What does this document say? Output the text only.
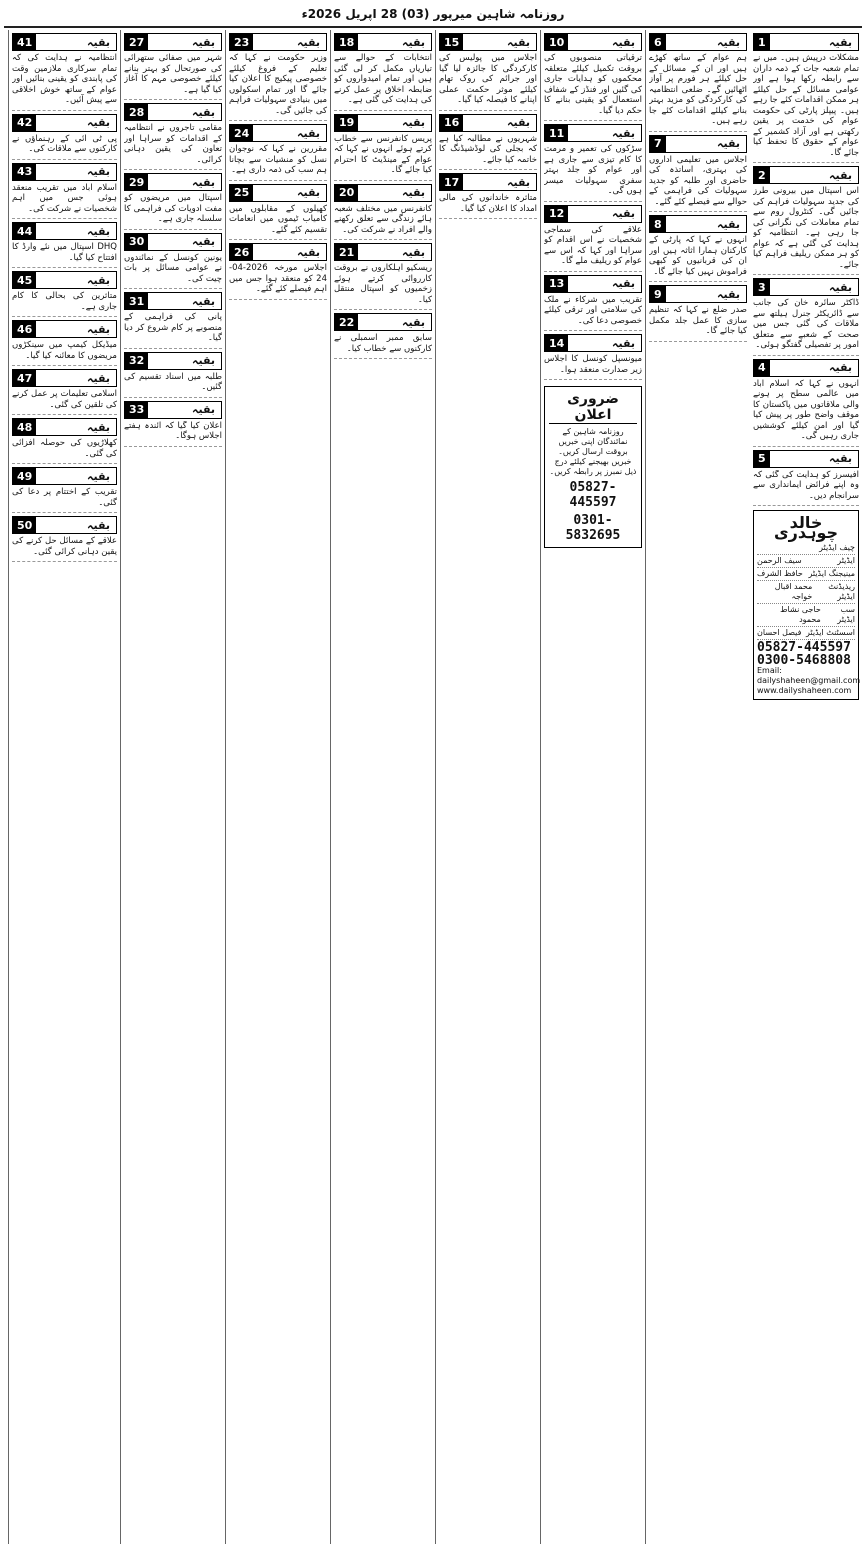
روزنامہ شاہین میرپور (03) 28 اپریل 2026ء
بقیہ
1
مشکلات درپیش ہیں۔ میں نے تمام شعبہ جات کے ذمہ داران سے رابطہ رکھا ہوا ہے اور عوامی مسائل کے حل کیلئے ہر ممکن اقدامات کئے جا رہے ہیں۔ پیپلز پارٹی کی حکومت عوام کی خدمت پر یقین رکھتی ہے اور آزاد کشمیر کے عوام کے حقوق کا تحفظ کیا جائے گا۔
بقیہ
2
اس اسپتال میں بیرونی طرز کی جدید سہولیات فراہم کی جائیں گی۔ کنٹرول روم سے تمام معاملات کی نگرانی کی جا رہی ہے۔ انتظامیہ کو ہدایت کی گئی ہے کہ عوام کو ہر ممکن ریلیف فراہم کیا جائے۔
بقیہ
3
ڈاکٹر سائرہ خان کی جانب سے ڈائریکٹر جنرل ہیلتھ سے ملاقات کی گئی جس میں صحت کے شعبے سے متعلق امور پر تفصیلی گفتگو ہوئی۔
بقیہ
4
انہوں نے کہا کہ اسلام آباد میں عالمی سطح پر ہونے والی ملاقاتوں میں پاکستان کا موقف واضح طور پر پیش کیا گیا اور امن کیلئے کوششیں جاری رہیں گی۔
بقیہ
5
آفیسرز کو ہدایت کی گئی کہ وہ اپنے فرائض ایمانداری سے سرانجام دیں۔
خالد چوہدری
چیف ایڈیٹر
ایڈیٹر
سیف الرحمن
مینیجنگ ایڈیٹر
حافظ الشرف
ریذیڈنٹ ایڈیٹر
محمد اقبال خواجہ
سب ایڈیٹر
حاجی نشاط محمود
اسسٹنٹ ایڈیٹر
فیصل احسان
05827-445597
0300-5468808
Email: dailyshaheen@gmail.com www.dailyshaheen.com
بقیہ
6
ہم عوام کے ساتھ کھڑے ہیں اور ان کے مسائل کے حل کیلئے ہر فورم پر آواز اٹھائیں گے۔ ضلعی انتظامیہ کی کارکردگی کو مزید بہتر بنانے کیلئے اقدامات کئے جا رہے ہیں۔
بقیہ
7
اجلاس میں تعلیمی اداروں کی بہتری، اساتذہ کی حاضری اور طلبہ کو جدید سہولیات کی فراہمی کے حوالے سے فیصلے کئے گئے۔
بقیہ
8
انہوں نے کہا کہ پارٹی کے کارکنان ہمارا اثاثہ ہیں اور ان کی قربانیوں کو کبھی فراموش نہیں کیا جائے گا۔
بقیہ
9
صدر ضلع نے کہا کہ تنظیم سازی کا عمل جلد مکمل کیا جائے گا۔
بقیہ
10
ترقیاتی منصوبوں کی بروقت تکمیل کیلئے متعلقہ محکموں کو ہدایات جاری کی گئیں اور فنڈز کے شفاف استعمال کو یقینی بنانے کا حکم دیا گیا۔
بقیہ
11
سڑکوں کی تعمیر و مرمت کا کام تیزی سے جاری ہے اور عوام کو جلد بہتر سفری سہولیات میسر ہوں گی۔
بقیہ
12
علاقے کی سماجی شخصیات نے اس اقدام کو سراہا اور کہا کہ اس سے عوام کو ریلیف ملے گا۔
بقیہ
13
تقریب میں شرکاء نے ملک کی سلامتی اور ترقی کیلئے خصوصی دعا کی۔
بقیہ
14
میونسپل کونسل کا اجلاس زیر صدارت منعقد ہوا۔
ضروری اعلان
روزنامہ شاہین کے نمائندگان اپنی خبریں بروقت ارسال کریں۔ خبریں بھیجنے کیلئے درج ذیل نمبرز پر رابطہ کریں۔
05827-445597
0301-5832695
بقیہ
15
اجلاس میں پولیس کی کارکردگی کا جائزہ لیا گیا اور جرائم کی روک تھام کیلئے موثر حکمت عملی اپنانے کا فیصلہ کیا گیا۔
بقیہ
16
شہریوں نے مطالبہ کیا ہے کہ بجلی کی لوڈشیڈنگ کا خاتمہ کیا جائے۔
بقیہ
17
متاثرہ خاندانوں کی مالی امداد کا اعلان کیا گیا۔
بقیہ
18
انتخابات کے حوالے سے تیاریاں مکمل کر لی گئی ہیں اور تمام امیدواروں کو ضابطہ اخلاق پر عمل کرنے کی ہدایت کی گئی ہے۔
بقیہ
19
پریس کانفرنس سے خطاب کرتے ہوئے انہوں نے کہا کہ عوام کے مینڈیٹ کا احترام کیا جائے گا۔
بقیہ
20
کانفرنس میں مختلف شعبہ ہائے زندگی سے تعلق رکھنے والے افراد نے شرکت کی۔
بقیہ
21
ریسکیو اہلکاروں نے بروقت کارروائی کرتے ہوئے زخمیوں کو اسپتال منتقل کیا۔
بقیہ
22
سابق ممبر اسمبلی نے کارکنوں سے خطاب کیا۔
بقیہ
23
وزیر حکومت نے کہا کہ تعلیم کے فروغ کیلئے خصوصی پیکیج کا اعلان کیا جائے گا اور تمام اسکولوں میں بنیادی سہولیات فراہم کی جائیں گی۔
بقیہ
24
مقررین نے کہا کہ نوجوان نسل کو منشیات سے بچانا ہم سب کی ذمہ داری ہے۔
بقیہ
25
کھیلوں کے مقابلوں میں کامیاب ٹیموں میں انعامات تقسیم کئے گئے۔
بقیہ
26
اجلاس مورخہ 2026-04-24 کو منعقد ہوا جس میں اہم فیصلے کئے گئے۔
بقیہ
27
شہر میں صفائی ستھرائی کی صورتحال کو بہتر بنانے کیلئے خصوصی مہم کا آغاز کیا گیا ہے۔
بقیہ
28
مقامی تاجروں نے انتظامیہ کے اقدامات کو سراہا اور تعاون کی یقین دہانی کرائی۔
بقیہ
29
اسپتال میں مریضوں کو مفت ادویات کی فراہمی کا سلسلہ جاری ہے۔
بقیہ
30
یونین کونسل کے نمائندوں نے عوامی مسائل پر بات چیت کی۔
بقیہ
31
پانی کی فراہمی کے منصوبے پر کام شروع کر دیا گیا۔
بقیہ
32
طلبہ میں اسناد تقسیم کی گئیں۔
بقیہ
33
اعلان کیا گیا کہ آئندہ ہفتے اجلاس ہوگا۔
بقیہ
41
انتظامیہ نے ہدایت کی کہ تمام سرکاری ملازمین وقت کی پابندی کو یقینی بنائیں اور عوام کے ساتھ خوش اخلاقی سے پیش آئیں۔
بقیہ
42
پی ٹی آئی کے رہنماؤں نے کارکنوں سے ملاقات کی۔
بقیہ
43
اسلام آباد میں تقریب منعقد ہوئی جس میں اہم شخصیات نے شرکت کی۔
بقیہ
44
DHQ اسپتال میں نئے وارڈ کا افتتاح کیا گیا۔
بقیہ
45
متاثرین کی بحالی کا کام جاری ہے۔
بقیہ
46
میڈیکل کیمپ میں سینکڑوں مریضوں کا معائنہ کیا گیا۔
بقیہ
47
اسلامی تعلیمات پر عمل کرنے کی تلقین کی گئی۔
بقیہ
48
کھلاڑیوں کی حوصلہ افزائی کی گئی۔
بقیہ
49
تقریب کے اختتام پر دعا کی گئی۔
بقیہ
50
علاقے کے مسائل حل کرنے کی یقین دہانی کرائی گئی۔
